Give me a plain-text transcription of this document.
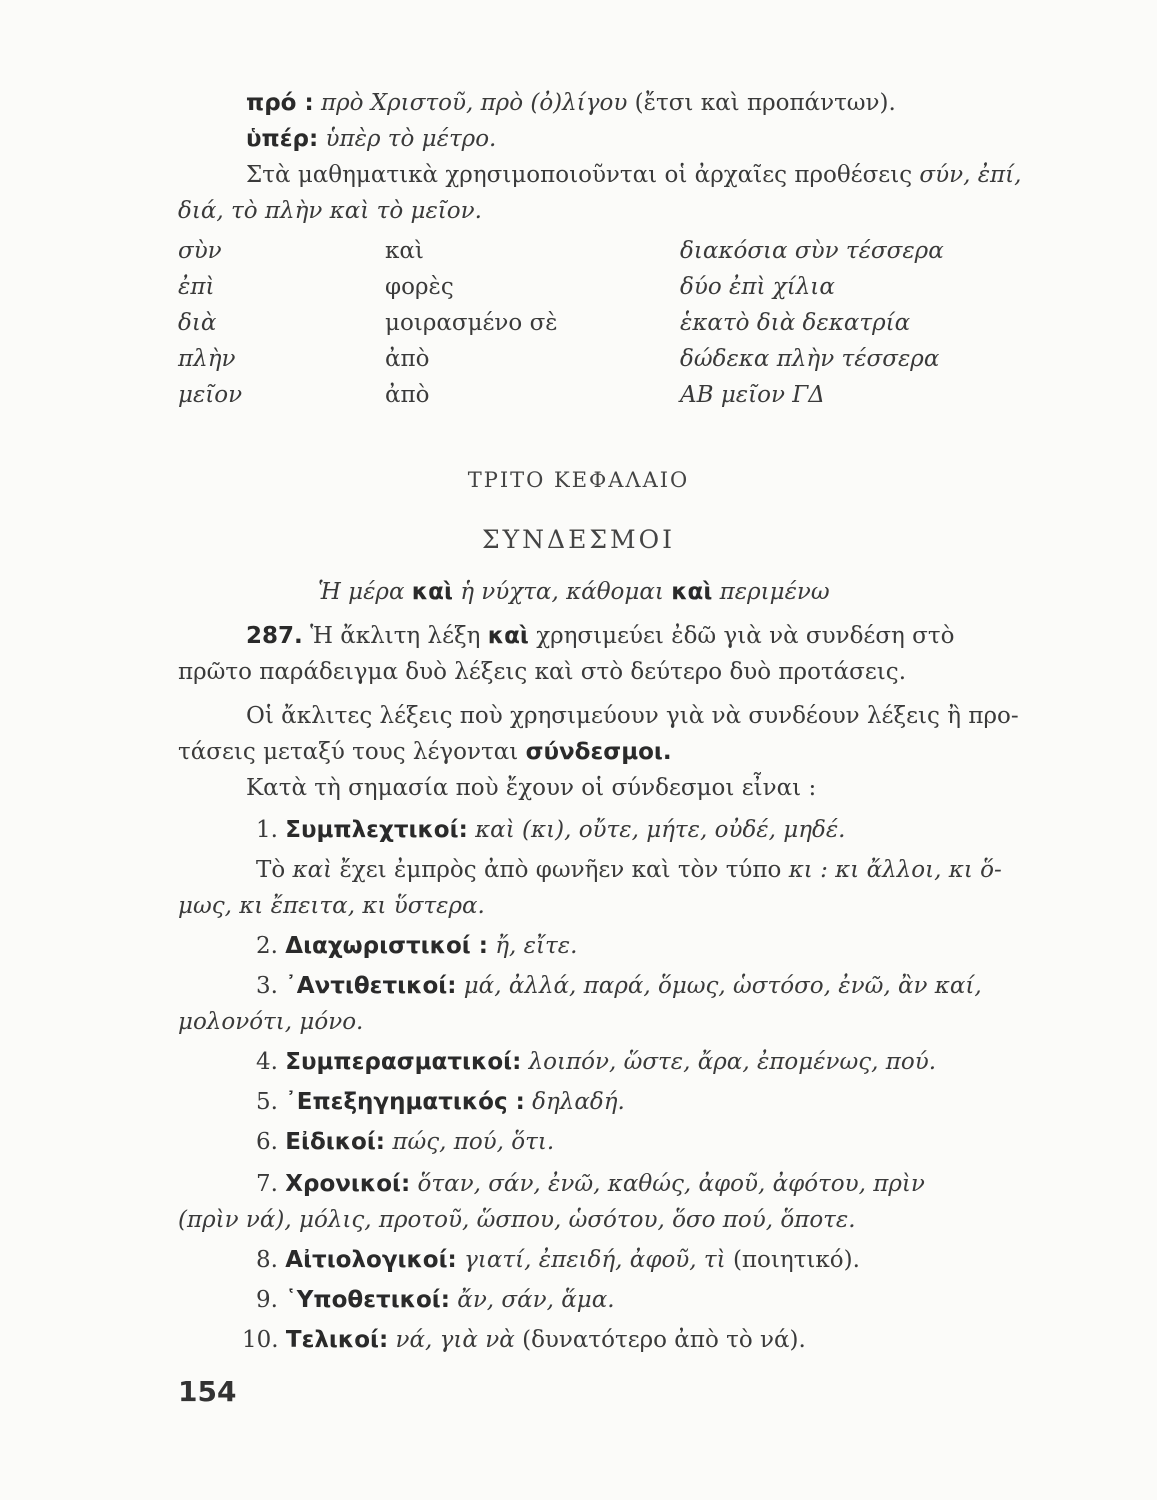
πρό : πρὸ Χριστοῦ, πρὸ (ὀ)λίγου (ἔτσι καὶ προπάντων).
ὑπέρ: ὑπὲρ τὸ μέτρο.
Στὰ μαθηματικὰ χρησιμοποιοῦνται οἱ ἀρχαῖες προθέσεις σύν, ἐπί,
διά, τὸ πλὴν καὶ τὸ μεῖον.
σὺν	καὶ	διακόσια σὺν τέσσερα
ἐπὶ	φορὲς	δύο ἐπὶ χίλια
διὰ	μοιρασμένο σὲ	ἑκατὸ διὰ δεκατρία
πλὴν	ἀπὸ	δώδεκα πλὴν τέσσερα
μεῖον	ἀπὸ	ΑΒ μεῖον ΓΔ
ΤΡΙΤΟ ΚΕΦΑΛΑΙΟ
ΣΥΝΔΕΣΜΟΙ
Ἡ μέρα καὶ ἡ νύχτα, κάθομαι καὶ περιμένω
287. Ἡ ἄκλιτη λέξη καὶ χρησιμεύει ἐδῶ γιὰ νὰ συνδέση στὸ
πρῶτο παράδειγμα δυὸ λέξεις καὶ στὸ δεύτερο δυὸ προτάσεις.
Οἱ ἄκλιτες λέξεις ποὺ χρησιμεύουν γιὰ νὰ συνδέουν λέξεις ἢ προ-
τάσεις μεταξύ τους λέγονται σύνδεσμοι.
Κατὰ τὴ σημασία ποὺ ἔχουν οἱ σύνδεσμοι εἶναι :
1. Συμπλεχτικοί: καὶ (κι), οὔτε, μήτε, οὐδέ, μηδέ.
Τὸ καὶ ἔχει ἐμπρὸς ἀπὸ φωνῆεν καὶ τὸν τύπο κι : κι ἄλλοι, κι ὅ-
μως, κι ἔπειτα, κι ὕστερα.
2. Διαχωριστικοί : ἤ, εἴτε.
3. ᾿Αντιθετικοί: μά, ἀλλά, παρά, ὅμως, ὡστόσο, ἐνῶ, ἂν καί,
μολονότι, μόνο.
4. Συμπερασματικοί: λοιπόν, ὥστε, ἄρα, ἐπομένως, πού.
5. ᾿Επεξηγηματικός : δηλαδή.
6. Εἰδικοί: πώς, πού, ὅτι.
7. Χρονικοί: ὅταν, σάν, ἐνῶ, καθώς, ἀφοῦ, ἀφότου, πρὶν
(πρὶν νά), μόλις, προτοῦ, ὥσπου, ὡσότου, ὅσο πού, ὅποτε.
8. Αἰτιολογικοί: γιατί, ἐπειδή, ἀφοῦ, τὶ (ποιητικό).
9. ῾Υποθετικοί: ἄν, σάν, ἅμα.
10. Τελικοί: νά, γιὰ νὰ (δυνατότερο ἀπὸ τὸ νά).
154
